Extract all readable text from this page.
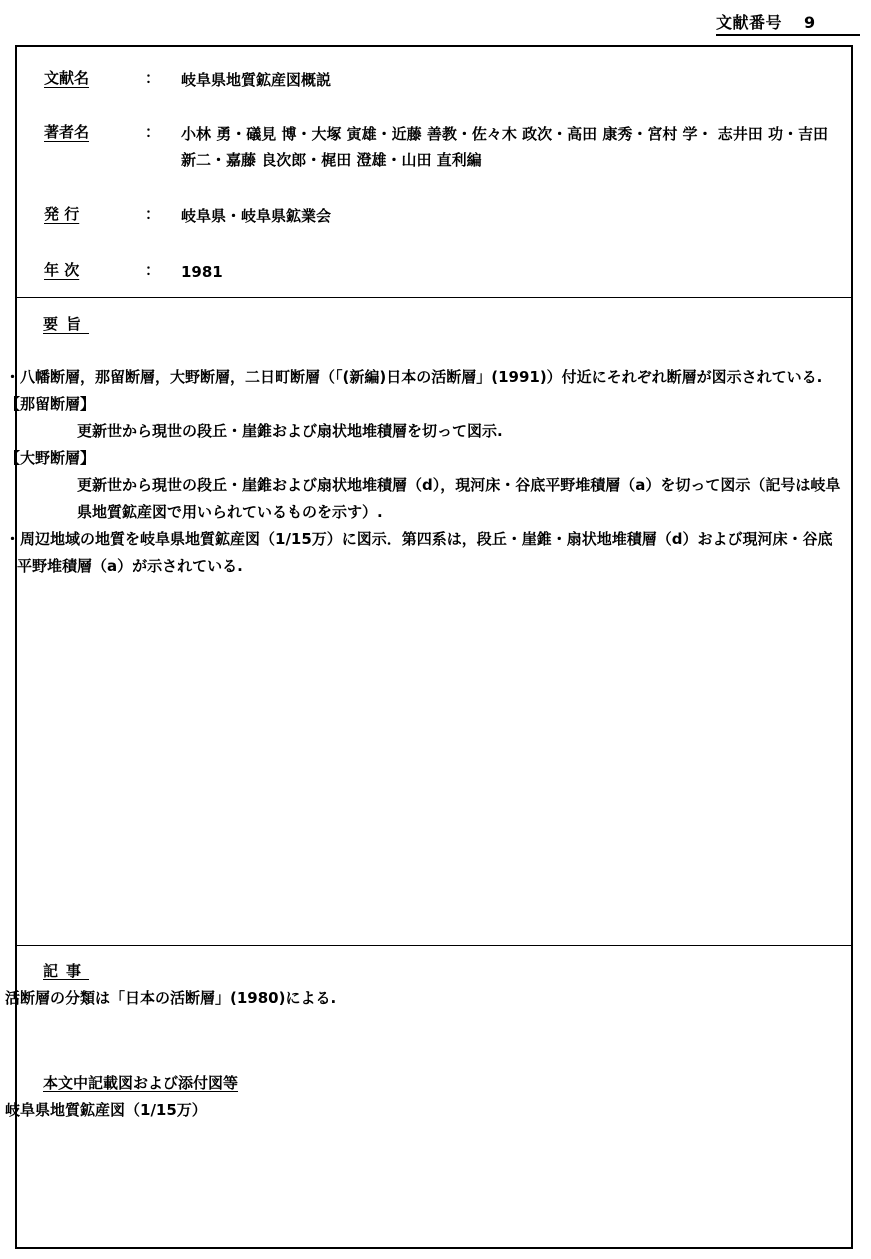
文献番号 9
文献名	： 岐阜県地質鉱産図概説
著者名	： 小林 勇・礒見 博・大塚 寅雄・近藤 善教・佐々木 政次・高田 康秀・宮村 学・ 志井田 功・吉田 新二・嘉藤 良次郎・梶田 澄雄・山田 直利編
発 行	： 岐阜県・岐阜県鉱業会
年 次	： 1981
要旨

・八幡断層，那留断層，大野断層，二日町断層（「(新編)日本の活断層」(1991)）付近にそれぞれ断層が図示されている.

【那留断層】

更新世から現世の段丘・崖錐および扇状地堆積層を切って図示.

【大野断層】

更新世から現世の段丘・崖錐および扇状地堆積層（d），現河床・谷底平野堆積層（a）を切って図示（記号は岐阜県地質鉱産図で用いられているものを示す）.

・周辺地域の地質を岐阜県地質鉱産図（1/15万）に図示．第四系は，段丘・崖錐・扇状地堆積層（d）および現河床・谷底平野堆積層（a）が示されている.

記事
活断層の分類は「日本の活断層」(1980)による.
本文中記載図および添付図等
岐阜県地質鉱産図（1/15万）
